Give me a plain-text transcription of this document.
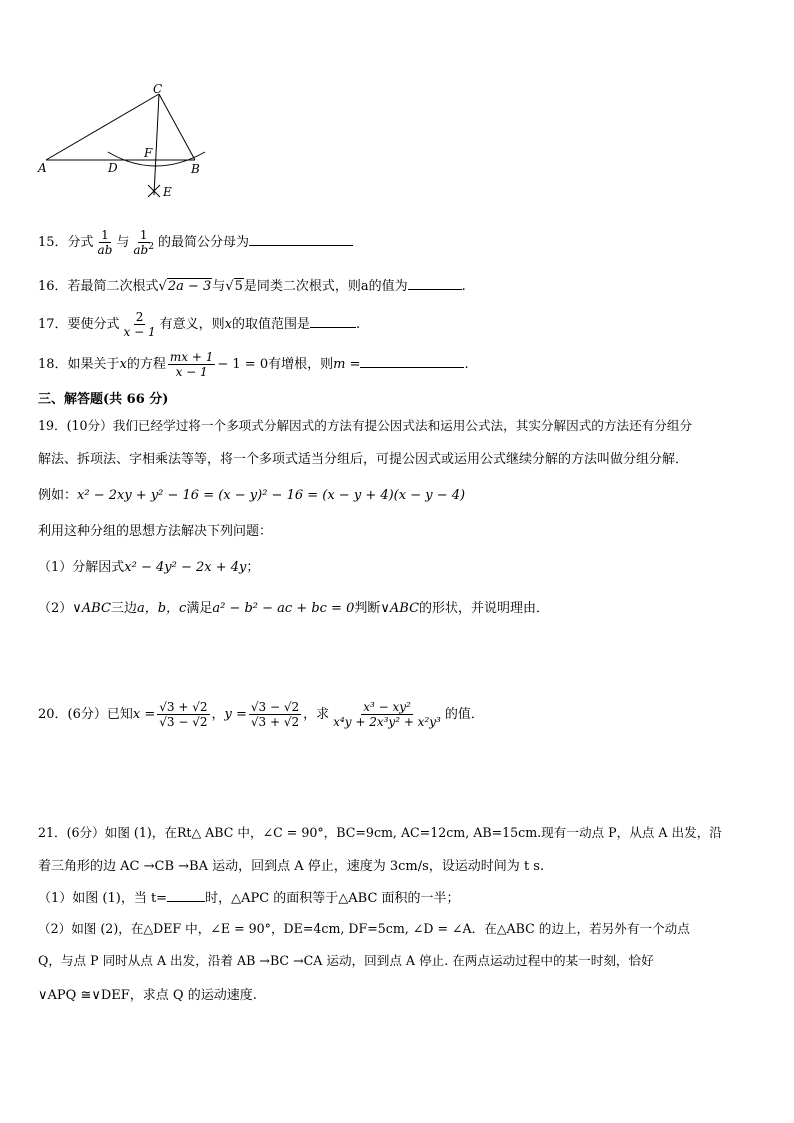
C
F
A	D	B
E
15．分式 $\frac{1}{ab}$ 与 $\frac{1}{ab^2}$ 的最简公分母为
16．若最简二次根式√2a − 3与√5是同类二次根式，则a的值为	.
17．要使分式 $\frac{2}{x - 1}$ 有意义，则x的取值范围是	.
18．如果关于x的方程 $\frac{mx + 1}{x - 1} - 1 = 0$有增根，则m =	.
三、解答题(共 66 分)
19．(10分）我们已经学过将一个多项式分解因式的方法有提公因式法和运用公式法，其实分解因式的方法还有分组分
解法、拆项法、字相乘法等等，将一个多项式适当分组后，可提公因式或运用公式继续分解的方法叫做分组分解．
例如：x² − 2xy + y² − 16 = (x − y)² − 16 = (x − y + 4)(x − y − 4)
利用这种分组的思想方法解决下列问题：
（1）分解因式x² − 4y² − 2x + 4y；
（2）∨ABC三边a，b，c满足a² − b² − ac + bc = 0判断∨ABC的形状，并说明理由．
20．(6分）已知$x = \frac{√3 + √2}{√3 - √2}$ ，$y = \frac{√3 - √2}{√3 + √2}$ ，求 $\frac{\text{x³ − xy²}}{\text{x⁴y + 2x³y² + x²y³}}$ 的值．
21．(6分）如图 (1)，在Rt△ ABC 中，∠C = 90°，BC=9cm, AC=12cm, AB=15cm.现有一动点 P，从点 A 出发，沿
着三角形的边 AC →CB →BA 运动，回到点 A 停止，速度为 3cm/s，设运动时间为 t s.
（1）如图 (1)，当 t=	时，△APC 的面积等于△ABC 面积的一半；
（2）如图 (2)，在△DEF 中，∠E = 90°，DE=4cm, DF=5cm, ∠D = ∠A．在△ABC 的边上，若另外有一个动点
Q，与点 P 同时从点 A 出发，沿着 AB →BC →CA 运动，回到点 A 停止. 在两点运动过程中的某一时刻，恰好
∨APQ ≅∨DEF，求点 Q 的运动速度.
